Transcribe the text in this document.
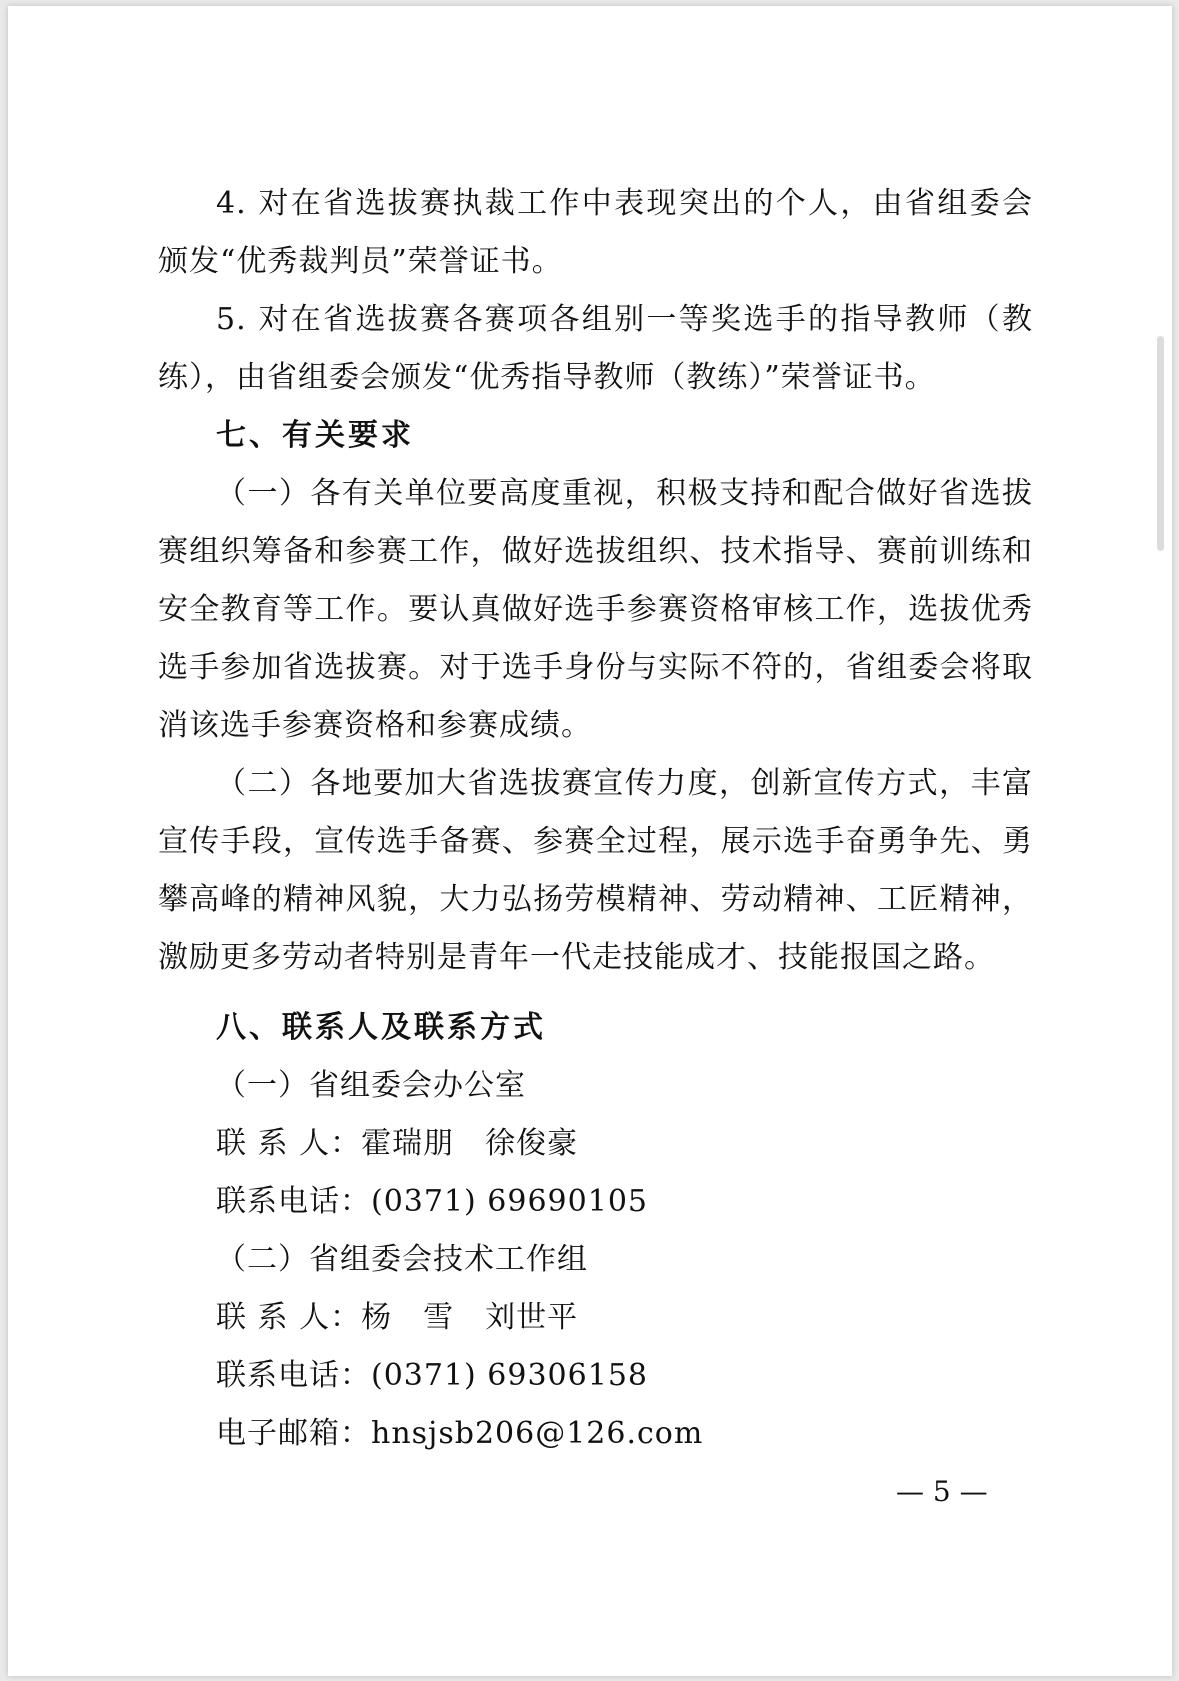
4. 对在省选拔赛执裁工作中表现突出的个人，由省组委会
颁发“优秀裁判员”荣誉证书。
5. 对在省选拔赛各赛项各组别一等奖选手的指导教师（教
练），由省组委会颁发“优秀指导教师（教练）”荣誉证书。
七、有关要求
（一）各有关单位要高度重视，积极支持和配合做好省选拔
赛组织筹备和参赛工作，做好选拔组织、技术指导、赛前训练和
安全教育等工作。要认真做好选手参赛资格审核工作，选拔优秀
选手参加省选拔赛。对于选手身份与实际不符的，省组委会将取
消该选手参赛资格和参赛成绩。
（二）各地要加大省选拔赛宣传力度，创新宣传方式，丰富
宣传手段，宣传选手备赛、参赛全过程，展示选手奋勇争先、勇
攀高峰的精神风貌，大力弘扬劳模精神、劳动精神、工匠精神，
激励更多劳动者特别是青年一代走技能成才、技能报国之路。
八、联系人及联系方式
（一）省组委会办公室
联 系 人：霍瑞朋　徐俊豪
联系电话：(0371) 69690105
（二）省组委会技术工作组
联 系 人：杨　雪　刘世平
联系电话：(0371) 69306158
电子邮箱：hnsjsb206@126.com
— 5 —
